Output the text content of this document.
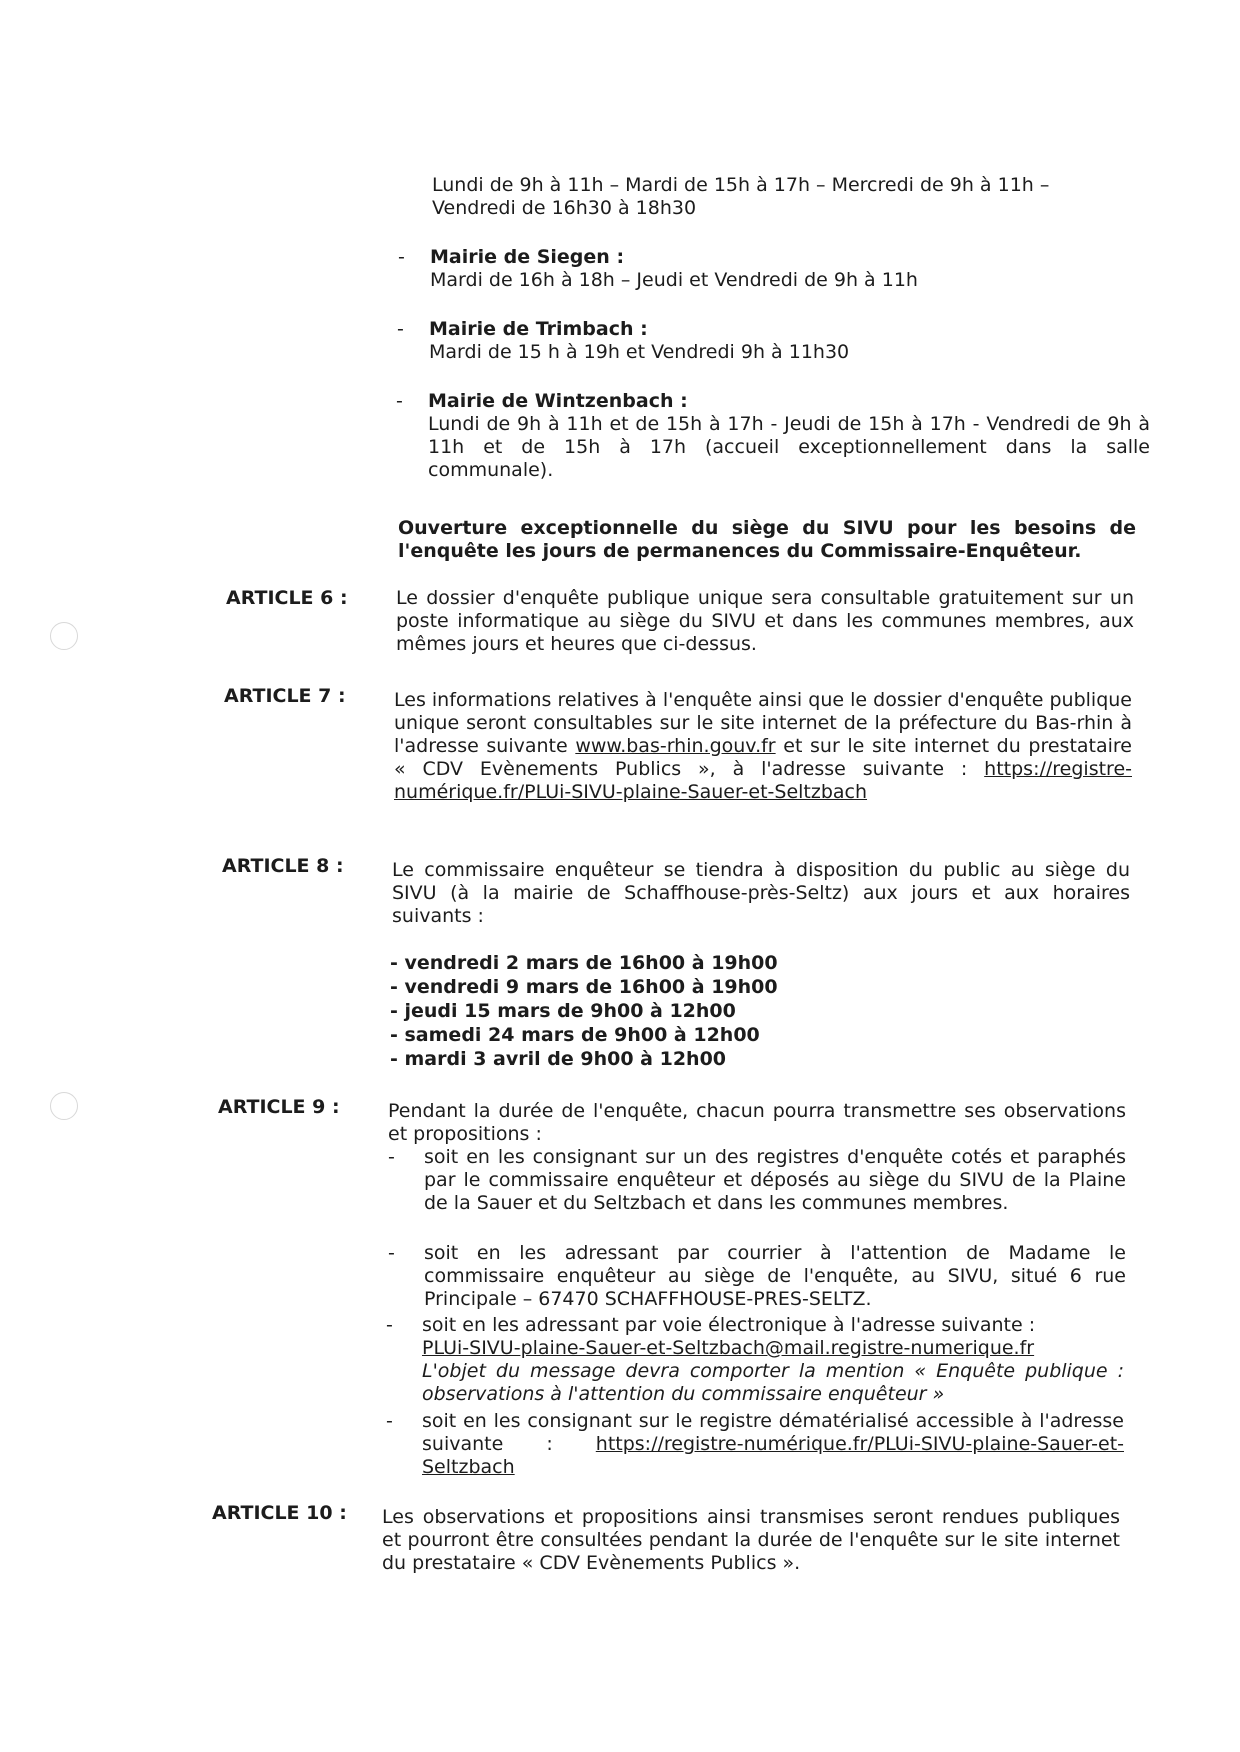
Lundi de 9h à 11h – Mardi de 15h à 17h – Mercredi de 9h à 11h –

Vendredi de 16h30 à 18h30

- Mairie de Siegen :

Mardi de 16h à 18h – Jeudi et Vendredi de 9h à 11h

- Mairie de Trimbach :

Mardi de 15 h à 19h et Vendredi 9h à 11h30

- Mairie de Wintzenbach :

Lundi de 9h à 11h et de 15h à 17h - Jeudi de 15h à 17h - Vendredi de 9h à 11h et de 15h à 17h (accueil exceptionnellement dans la salle communale).

Ouverture exceptionnelle du siège du SIVU pour les besoins de l'enquête les jours de permanences du Commissaire-Enquêteur.

ARTICLE 6 :	Le dossier d'enquête publique unique sera consultable gratuitement sur un poste informatique au siège du SIVU et dans les communes membres, aux mêmes jours et heures que ci-dessus.

ARTICLE 7 :	Les informations relatives à l'enquête ainsi que le dossier d'enquête publique unique seront consultables sur le site internet de la préfecture du Bas-rhin à l'adresse suivante www.bas-rhin.gouv.fr et sur le site internet du prestataire « CDV Evènements Publics », à l'adresse suivante : https://registre-numérique.fr/PLUi-SIVU-plaine-Sauer-et-Seltzbach

ARTICLE 8 :	Le commissaire enquêteur se tiendra à disposition du public au siège du SIVU (à la mairie de Schaffhouse-près-Seltz) aux jours et aux horaires suivants :

- vendredi 2 mars de 16h00 à 19h00

- vendredi 9 mars de 16h00 à 19h00

- jeudi 15 mars de 9h00 à 12h00

- samedi 24 mars de 9h00 à 12h00

- mardi 3 avril de 9h00 à 12h00

ARTICLE 9 :	Pendant la durée de l'enquête, chacun pourra transmettre ses observations et propositions :

- soit en les consignant sur un des registres d'enquête cotés et paraphés par le commissaire enquêteur et déposés au siège du SIVU de la Plaine de la Sauer et du Seltzbach et dans les communes membres.

- soit en les adressant par courrier à l'attention de Madame le commissaire enquêteur au siège de l'enquête, au SIVU, situé 6 rue Principale – 67470 SCHAFFHOUSE-PRES-SELTZ.

- soit en les adressant par voie électronique à l'adresse suivante :

PLUi-SIVU-plaine-Sauer-et-Seltzbach@mail.registre-numerique.fr

L'objet du message devra comporter la mention « Enquête publique : observations à l'attention du commissaire enquêteur »

- soit en les consignant sur le registre dématérialisé accessible à l'adresse suivante : https://registre-numérique.fr/PLUi-SIVU-plaine-Sauer-et-Seltzbach

ARTICLE 10 : Les observations et propositions ainsi transmises seront rendues publiques et pourront être consultées pendant la durée de l'enquête sur le site internet du prestataire « CDV Evènements Publics ».
